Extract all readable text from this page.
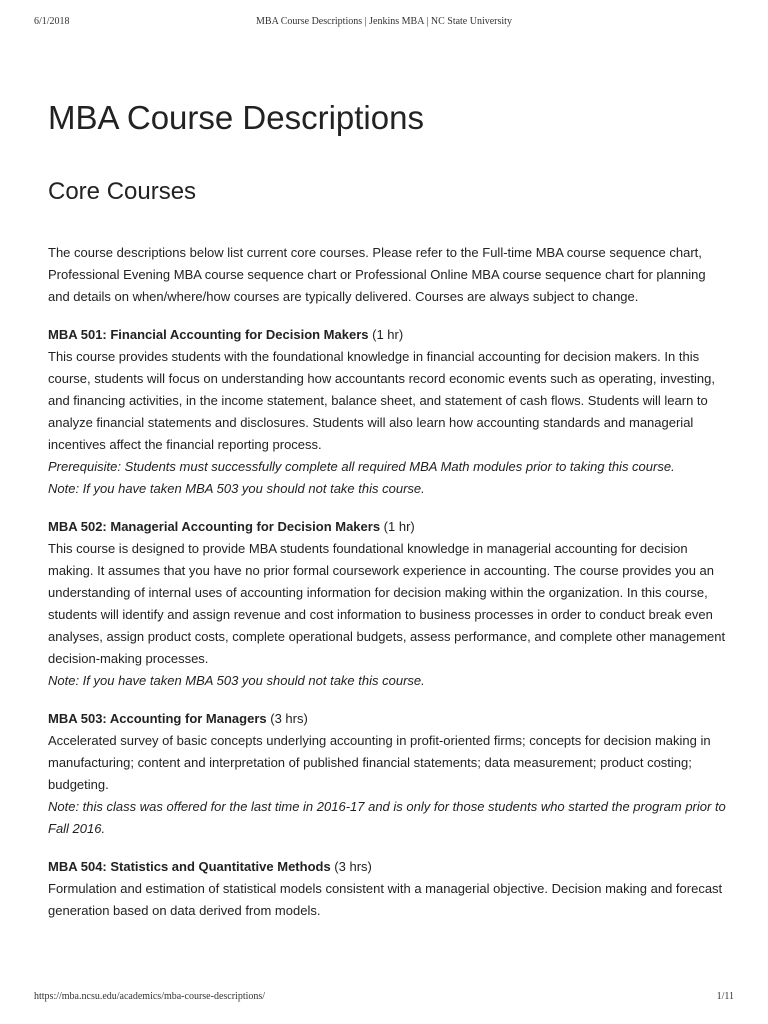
6/1/2018	MBA Course Descriptions | Jenkins MBA | NC State University
MBA Course Descriptions
Core Courses

The course descriptions below list current core courses. Please refer to the Full-time MBA course sequence chart, Professional Evening MBA course sequence chart or Professional Online MBA course sequence chart for planning and details on when/where/how courses are typically delivered. Courses are always subject to change.

MBA 501: Financial Accounting for Decision Makers (1 hr)

This course provides students with the foundational knowledge in financial accounting for decision makers. In this course, students will focus on understanding how accountants record economic events such as operating, investing, and financing activities, in the income statement, balance sheet, and statement of cash flows. Students will learn to analyze financial statements and disclosures. Students will also learn how accounting standards and managerial incentives affect the financial reporting process.

Prerequisite: Students must successfully complete all required MBA Math modules prior to taking this course.

Note: If you have taken MBA 503 you should not take this course.

MBA 502: Managerial Accounting for Decision Makers (1 hr)

This course is designed to provide MBA students foundational knowledge in managerial accounting for decision making. It assumes that you have no prior formal coursework experience in accounting. The course provides you an understanding of internal uses of accounting information for decision making within the organization. In this course, students will identify and assign revenue and cost information to business processes in order to conduct break even analyses, assign product costs, complete operational budgets, assess performance, and complete other management decision-making processes.

Note: If you have taken MBA 503 you should not take this course.

MBA 503: Accounting for Managers (3 hrs)

Accelerated survey of basic concepts underlying accounting in profit-oriented firms; concepts for decision making in manufacturing; content and interpretation of published financial statements; data measurement; product costing; budgeting.

Note: this class was offered for the last time in 2016-17 and is only for those students who started the program prior to Fall 2016.

MBA 504: Statistics and Quantitative Methods (3 hrs)

Formulation and estimation of statistical models consistent with a managerial objective. Decision making and forecast generation based on data derived from models.

https://mba.ncsu.edu/academics/mba-course-descriptions/	1/11
